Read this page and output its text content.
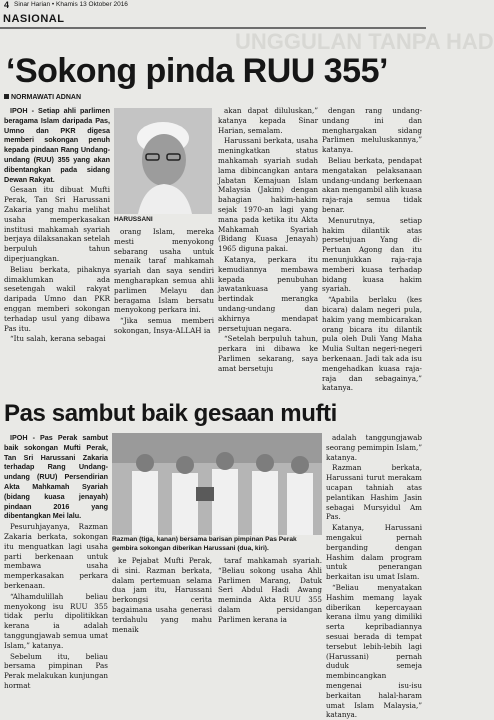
4 Sinar Harian • Khamis 13 Oktober 2016
NASIONAL
UNGGULAN TANPA HAD
‘Sokong pinda RUU 355’
NORMAWATI ADNAN

IPOH - Setiap ahli parlimen beragama Islam daripada Pas, Umno dan PKR digesa memberi sokongan penuh kepada pindaan Rang Undang-undang (RUU) 355 yang akan dibentangkan pada sidang Dewan Rakyat.

Gesaan itu dibuat Mufti Perak, Tan Sri Harussani Zakaria yang mahu melihat usaha memperkasakan institusi mahkamah syariah berjaya dilaksanakan setelah berpuluh tahun diperjuangkan.

Beliau berkata, pihaknya dimaklumkan ada sesetengah wakil rakyat daripada Umno dan PKR enggan memberi sokongan terhadap usul yang dibawa Pas itu.

“Itu salah, kerana sebagai

HARUSSANI

orang Islam, mereka mesti menyokong sebarang usaha untuk menaik taraf mahkamah syariah dan saya sendiri mengharapkan semua ahli parlimen Melayu dan beragama Islam bersatu menyokong perkara ini.

“Jika semua memberi sokongan, Insya-ALLAH ia

akan dapat diluluskan,” katanya kepada Sinar Harian, semalam.

Harussani berkata, usaha meningkatkan status mahkamah syariah sudah lama dibincangkan antara Jabatan Kemajuan Islam Malaysia (Jakim) dengan bahagian hakim-hakim sejak 1970-an lagi yang mana pada ketika itu Akta Mahkamah Syariah (Bidang Kuasa Jenayah) 1965 diguna pakai.

Katanya, perkara itu kemudiannya membawa kepada penubuhan jawatankuasa yang bertindak merangka undang-undang dan akhirnya mendapat persetujuan negara.

“Setelah berpuluh tahun, perkara ini dibawa ke Parlimen sekarang, saya amat bersetuju

dengan rang undang-undang ini dan menghargakan sidang Parlimen meluluskannya,” katanya.

Beliau berkata, pendapat mengatakan pelaksanaan undang-undang berkenaan akan mengambil alih kuasa raja-raja semua tidak benar.

Menurutnya, setiap hakim dilantik atas persetujuan Yang di-Pertuan Agong dan itu menunjukkan raja-raja memberi kuasa terhadap bidang kuasa hakim syariah.

“Apabila berlaku (kes bicara) dalam negeri pula, hakim yang membicarakan orang bicara itu dilantik pula oleh Duli Yang Maha Mulia Sultan negeri-negeri berkenaan. Jadi tak ada isu mengehadkan kuasa raja-raja dan sebagainya,” katanya.

Pas sambut baik gesaan mufti

IPOH - Pas Perak sambut baik sokongan Mufti Perak, Tan Sri Harussani Zakaria terhadap Rang Undang-undang (RUU) Persendirian Akta Mahkamah Syariah (bidang kuasa jenayah) pindaan 2016 yang dibentangkan Mei lalu.

Pesuruhjayanya, Razman Zakaria berkata, sokongan itu menguatkan lagi usaha parti berkenaan untuk membawa usaha memperkasakan perkara berkenaan.

“Alhamdulillah beliau menyokong isu RUU 355 tidak perlu dipolitikkan kerana ia adalah tanggungjawab semua umat Islam,” katanya.

Sebelum itu, beliau bersama pimpinan Pas Perak melakukan kunjungan hormat

Razman (tiga, kanan) bersama barisan pimpinan Pas Perak gembira sokongan diberikan Harussani (dua, kiri).

ke Pejabat Mufti Perak, di sini. Razman berkata, dalam pertemuan selama dua jam itu, Harussani berkongsi cerita bagaimana usaha generasi terdahulu yang mahu menaik

taraf mahkamah syariah. “Beliau sokong usaha Ahli Parlimen Marang, Datuk Seri Abdul Hadi Awang meminda Akta RUU 355 dalam persidangan Parlimen kerana ia

adalah tanggungjawab seorang pemimpin Islam,” katanya.

Razman berkata, Harussani turut merakam ucapan tahniah atas pelantikan Hashim Jasin sebagai Mursyidul Am Pas.

Katanya, Harussani mengakui pernah berganding dengan Hashim dalam program untuk penerangan berkaitan isu umat Islam.

“Beliau menyatakan Hashim memang layak diberikan kepercayaan kerana ilmu yang dimiliki serta kepribadiannya sesuai berada di tempat tersebut lebih-lebih lagi (Harussani) pernah duduk semeja membincangkan mengenai isu-isu berkaitan halal-haram umat Islam Malaysia,” katanya.
